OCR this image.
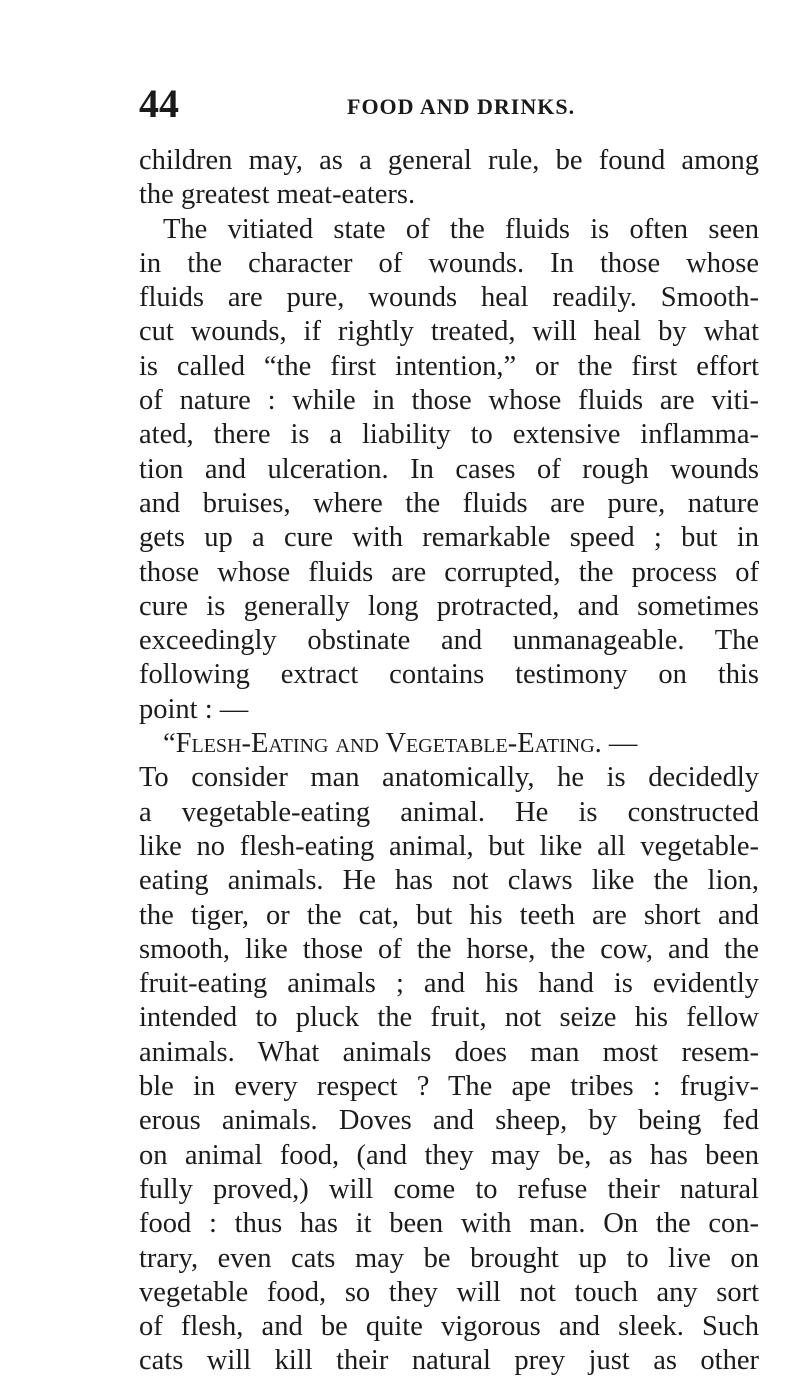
44	FOOD AND DRINKS.
children may, as a general rule, be found among
the greatest meat-eaters.
The vitiated state of the fluids is often seen
in the character of wounds. In those whose
fluids are pure, wounds heal readily. Smooth-
cut wounds, if rightly treated, will heal by what
is called “the first intention,” or the first effort
of nature : while in those whose fluids are viti-
ated, there is a liability to extensive inflamma-
tion and ulceration. In cases of rough wounds
and bruises, where the fluids are pure, nature
gets up a cure with remarkable speed ; but in
those whose fluids are corrupted, the process of
cure is generally long protracted, and sometimes
exceedingly obstinate and unmanageable. The
following extract contains testimony on this
point : —
“Flesh-Eating and Vegetable-Eating. —
To consider man anatomically, he is decidedly
a vegetable-eating animal. He is constructed
like no flesh-eating animal, but like all vegetable-
eating animals. He has not claws like the lion,
the tiger, or the cat, but his teeth are short and
smooth, like those of the horse, the cow, and the
fruit-eating animals ; and his hand is evidently
intended to pluck the fruit, not seize his fellow
animals. What animals does man most resem-
ble in every respect ? The ape tribes : frugiv-
erous animals. Doves and sheep, by being fed
on animal food, (and they may be, as has been
fully proved,) will come to refuse their natural
food : thus has it been with man. On the con-
trary, even cats may be brought up to live on
vegetable food, so they will not touch any sort
of flesh, and be quite vigorous and sleek. Such
cats will kill their natural prey just as other
